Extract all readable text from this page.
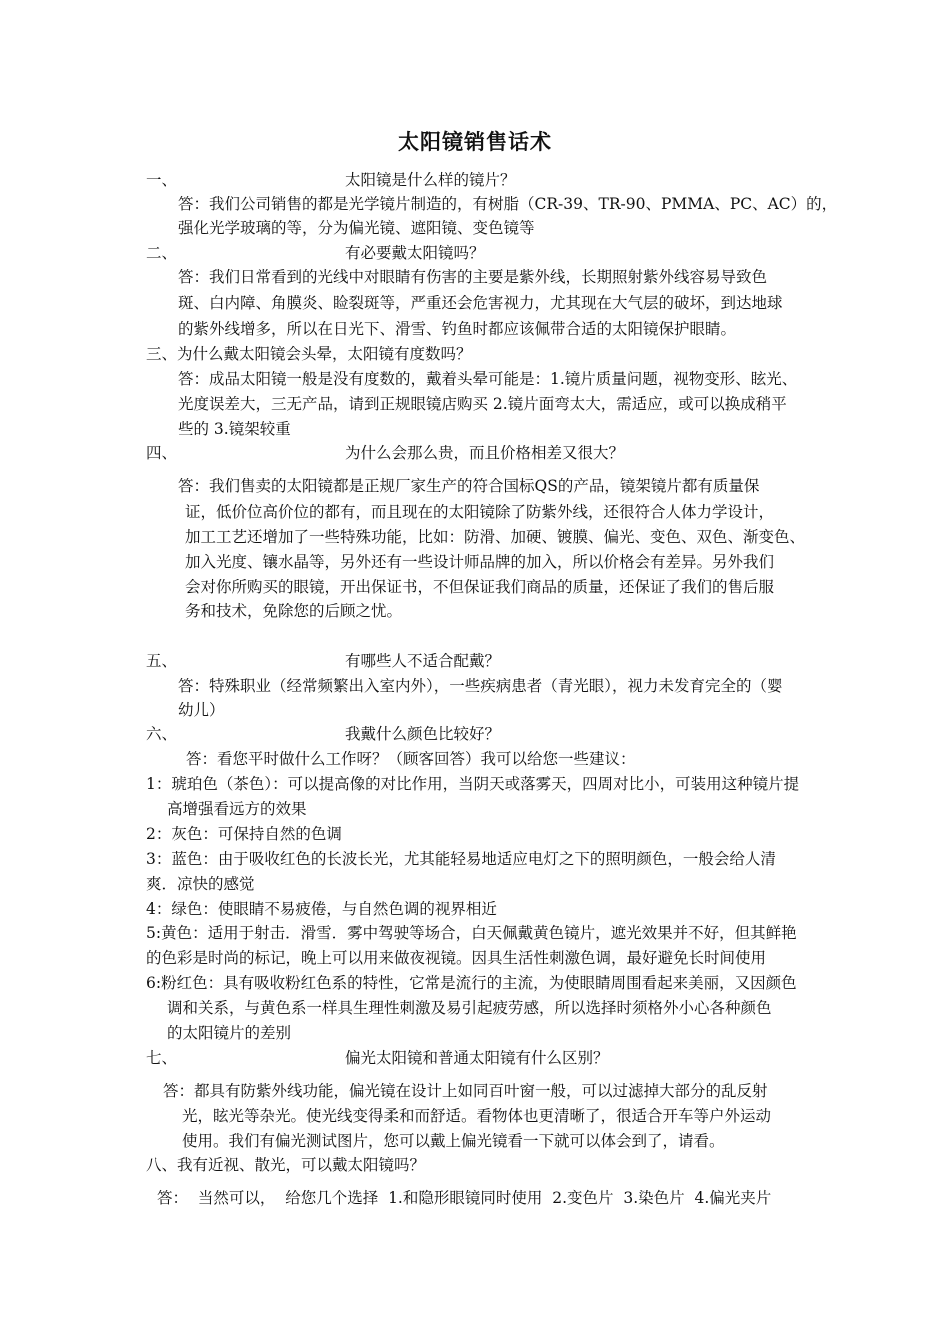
太阳镜销售话术
一、	太阳镜是什么样的镜片？
答：我们公司销售的都是光学镜片制造的，有树脂（CR-39、TR-90、PMMA、PC、AC）的，
强化光学玻璃的等，分为偏光镜、遮阳镜、变色镜等
二、	有必要戴太阳镜吗？
答：我们日常看到的光线中对眼睛有伤害的主要是紫外线，长期照射紫外线容易导致色
斑、白内障、角膜炎、睑裂斑等，严重还会危害视力，尤其现在大气层的破坏，到达地球
的紫外线增多，所以在日光下、滑雪、钓鱼时都应该佩带合适的太阳镜保护眼睛。
三、为什么戴太阳镜会头晕，太阳镜有度数吗？
答：成品太阳镜一般是没有度数的，戴着头晕可能是：1.镜片质量问题，视物变形、眩光、
光度误差大，三无产品，请到正规眼镜店购买 2.镜片面弯太大，需适应，或可以换成稍平
些的 3.镜架较重
四、	为什么会那么贵，而且价格相差又很大？
答：我们售卖的太阳镜都是正规厂家生产的符合国标QS的产品，镜架镜片都有质量保
证，低价位高价位的都有，而且现在的太阳镜除了防紫外线，还很符合人体力学设计，
加工工艺还增加了一些特殊功能，比如：防滑、加硬、镀膜、偏光、变色、双色、渐变色、
加入光度、镶水晶等，另外还有一些设计师品牌的加入，所以价格会有差异。另外我们
会对你所购买的眼镜，开出保证书，不但保证我们商品的质量，还保证了我们的售后服
务和技术，免除您的后顾之忧。
五、	有哪些人不适合配戴？
答：特殊职业（经常频繁出入室内外），一些疾病患者（青光眼），视力未发育完全的（婴
幼儿）
六、	我戴什么颜色比较好？
答：看您平时做什么工作呀？（顾客回答）我可以给您一些建议：
1：琥珀色（茶色）：可以提高像的对比作用，当阴天或落雾天，四周对比小，可装用这种镜片提
高增强看远方的效果
2：灰色：可保持自然的色调
3：蓝色：由于吸收红色的长波长光，尤其能轻易地适应电灯之下的照明颜色，一般会给人清
爽．凉快的感觉
4：绿色：使眼睛不易疲倦，与自然色调的视界相近
5:黄色：适用于射击．滑雪．雾中驾驶等场合，白天佩戴黄色镜片，遮光效果并不好，但其鲜艳
的色彩是时尚的标记，晚上可以用来做夜视镜。因具生活性刺激色调，最好避免长时间使用
6:粉红色：具有吸收粉红色系的特性，它常是流行的主流，为使眼睛周围看起来美丽，又因颜色
调和关系，与黄色系一样具生理性刺激及易引起疲劳感，所以选择时须格外小心各种颜色
的太阳镜片的差别
七、	偏光太阳镜和普通太阳镜有什么区别？
答：都具有防紫外线功能，偏光镜在设计上如同百叶窗一般，可以过滤掉大部分的乱反射
光，眩光等杂光。使光线变得柔和而舒适。看物体也更清晰了，很适合开车等户外运动
使用。我们有偏光测试图片，您可以戴上偏光镜看一下就可以体会到了，请看。
八、我有近视、散光，可以戴太阳镜吗？
答：  当然可以，  给您几个选择  1.和隐形眼镜同时使用  2.变色片  3.染色片  4.偏光夹片
